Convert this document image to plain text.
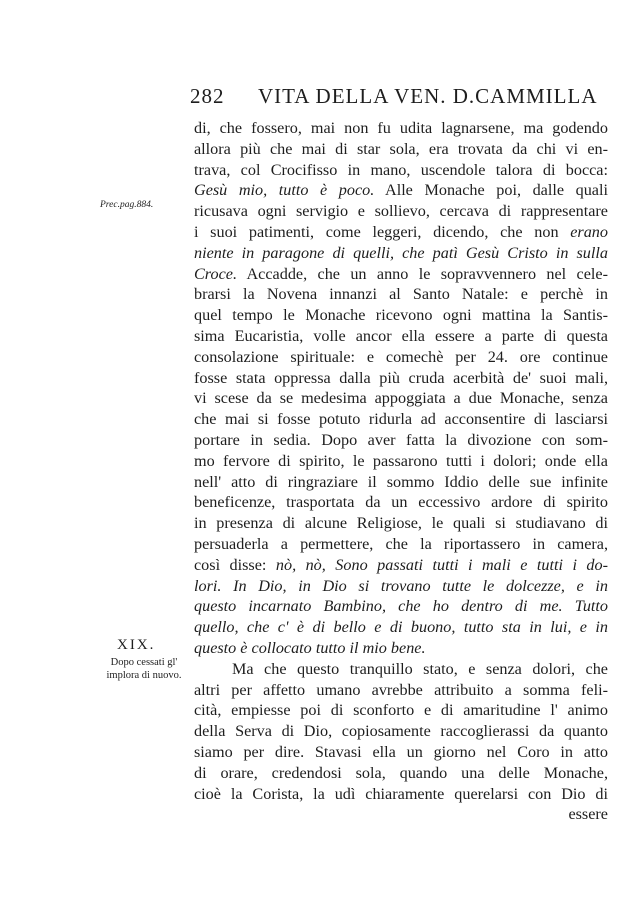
282 VITA DELLA VEN. D.CAMMILLA
Prec.pag.884.
XIX.
Dopo cessati gl'
implora di nuovo.
di, che fossero, mai non fu udita lagnarsene, ma godendo
allora più che mai di star sola, era trovata da chi vi en-
trava, col Crocifisso in mano, uscendole talora di bocca:
Gesù mio, tutto è poco. Alle Monache poi, dalle quali
ricusava ogni servigio e sollievo, cercava di rappresentare
i suoi patimenti, come leggeri, dicendo, che non erano
niente in paragone di quelli, che patì Gesù Cristo in sulla
Croce. Accadde, che un anno le sopravvennero nel cele-
brarsi la Novena innanzi al Santo Natale: e perchè in
quel tempo le Monache ricevono ogni mattina la Santis-
sima Eucaristia, volle ancor ella essere a parte di questa
consolazione spirituale: e comechè per 24. ore continue
fosse stata oppressa dalla più cruda acerbità de' suoi mali,
vi scese da se medesima appoggiata a due Monache, senza
che mai si fosse potuto ridurla ad acconsentire di lasciarsi
portare in sedia. Dopo aver fatta la divozione con som-
mo fervore di spirito, le passarono tutti i dolori; onde ella
nell' atto di ringraziare il sommo Iddio delle sue infinite
beneficenze, trasportata da un eccessivo ardore di spirito
in presenza di alcune Religiose, le quali si studiavano di
persuaderla a permettere, che la riportassero in camera,
così disse: nò, nò, Sono passati tutti i mali e tutti i do-
lori. In Dio, in Dio si trovano tutte le dolcezze, e in
questo incarnato Bambino, che ho dentro di me. Tutto
quello, che c' è di bello e di buono, tutto sta in lui, e in
questo è collocato tutto il mio bene.
Ma che questo tranquillo stato, e senza dolori, che
altri per affetto umano avrebbe attribuito a somma feli-
cità, empiesse poi di sconforto e di amaritudine l' animo
della Serva di Dio, copiosamente raccoglierassi da quanto
siamo per dire. Stavasi ella un giorno nel Coro in atto
di orare, credendosi sola, quando una delle Monache,
cioè la Corista, la udì chiaramente querelarsi con Dio di
essere
